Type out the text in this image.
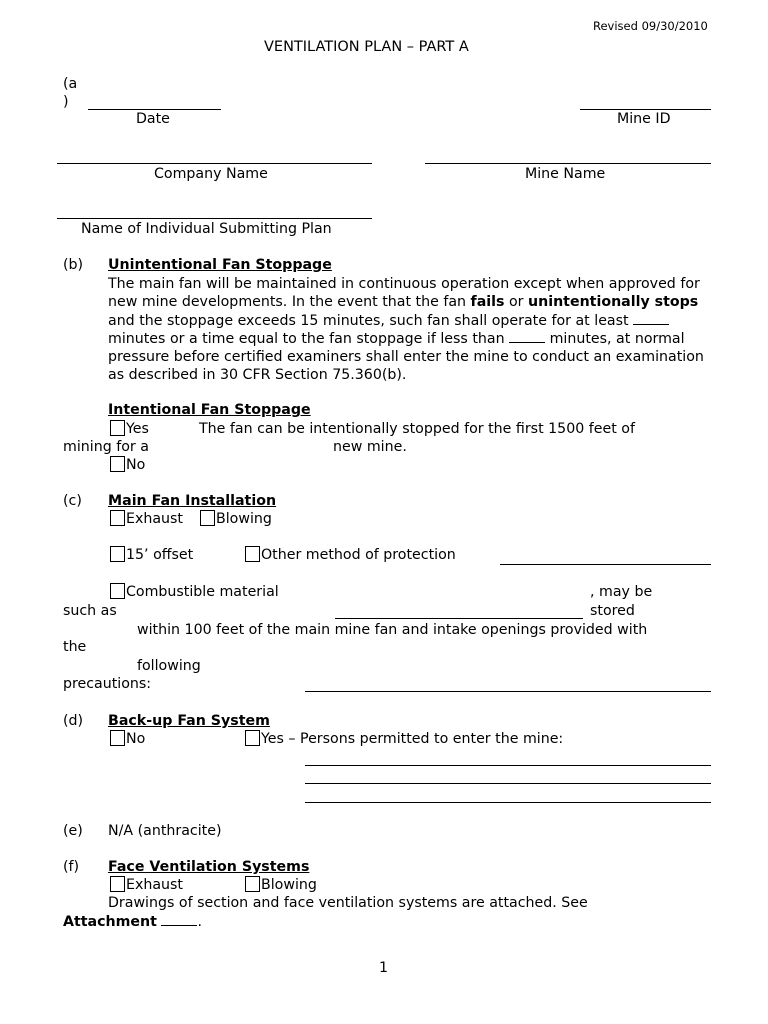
Revised 09/30/2010
VENTILATION PLAN – PART A
(a
)
Date	Mine ID
Company Name	Mine Name
Name of Individual Submitting Plan
(b) Unintentional Fan Stoppage
The main fan will be maintained in continuous operation except when approved for new mine developments. In the event that the fan fails or unintentionally stops and the stoppage exceeds 15 minutes, such fan shall operate for at least  minutes or a time equal to the fan stoppage if less than	minutes, at normal pressure before certified examiners shall enter the mine to conduct an examination as described in 30 CFR Section 75.360(b).
Intentional Fan Stoppage
Yes	The fan can be intentionally stopped for the first 1500 feet of
mining for a	new mine.
No
(c) Main Fan Installation
Exhaust Blowing
15’ offset	Other method of protection
Combustible material	, may be
such as	stored
within 100 feet of the main mine fan and intake openings provided with
the
following
precautions:
(d) Back-up Fan System
No	Yes – Persons permitted to enter the mine:
(e) N/A (anthracite)
(f) Face Ventilation Systems
Exhaust	Blowing
Drawings of section and face ventilation systems are attached. See
Attachment	.
1
